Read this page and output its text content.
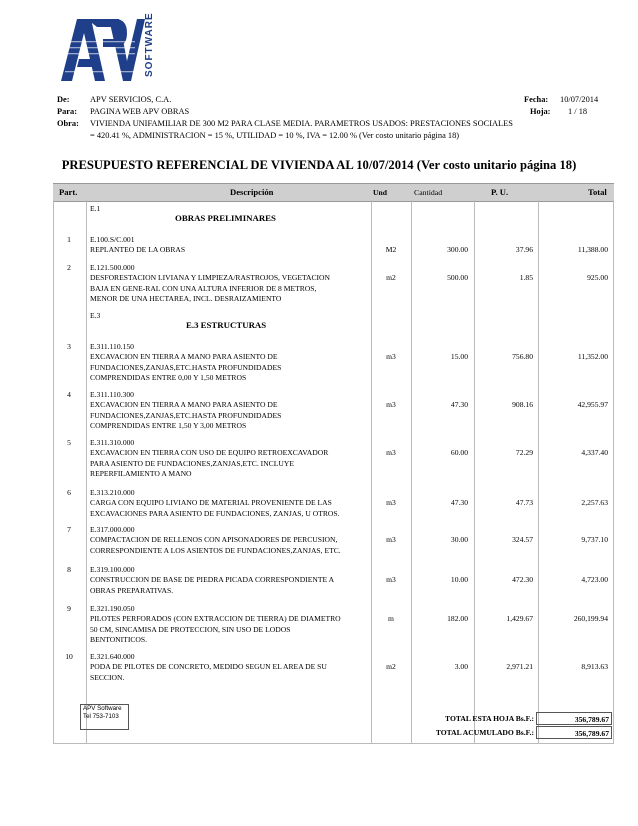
SOFTWARE
De: APV SERVICIOS, C.A.
Para: PAGINA WEB APV OBRAS
Obra: VIVIENDA UNIFAMILIAR DE 300 M2 PARA CLASE MEDIA. PARAMETROS USADOS: PRESTACIONES SOCIALES = 420.41 %, ADMINISTRACION = 15 %, UTILIDAD = 10 %, IVA = 12.00 % (Ver costo unitario página 18)
Fecha: 10/07/2014
Hoja: 1 / 18
PRESUPUESTO REFERENCIAL DE VIVIENDA AL 10/07/2014 (Ver costo unitario página 18)
Part.	Descripción	Und	Cantidad	P. U.	Total
E.1
OBRAS PRELIMINARES
1	E.100.S/C.001
REPLANTEO DE LA OBRAS	M2	300.00	37.96	11,388.00
2	E.121.500.000
DESFORESTACION LIVIANA Y LIMPIEZA/RASTROJOS, VEGETACION
BAJA EN GENE-RAL CON UNA ALTURA INFERIOR DE 8 METROS,
MENOR DE UNA HECTAREA, INCL. DESRAIZAMIENTO
m2	500.00	1.85	925.00
E.3
E.3 ESTRUCTURAS
3	E.311.110.150
EXCAVACION EN TIERRA A MANO PARA ASIENTO DE
FUNDACIONES,ZANJAS,ETC.HASTA PROFUNDIDADES
COMPRENDIDAS ENTRE 0,00 Y 1,50 METROS
m3	15.00	756.80	11,352.00
4	E.311.110.300
EXCAVACION EN TIERRA A MANO PARA ASIENTO DE
FUNDACIONES,ZANJAS,ETC.HASTA PROFUNDIDADES
COMPRENDIDAS ENTRE 1,50 Y 3,00 METROS
m3	47.30	908.16	42,955.97
5	E.311.310.000
EXCAVACION EN TIERRA CON USO DE EQUIPO RETROEXCAVADOR
PARA ASIENTO DE FUNDACIONES,ZANJAS,ETC. INCLUYE
REPERFILAMIENTO A MANO
m3	60.00	72.29	4,337.40
6	E.313.210.000
CARGA CON EQUIPO LIVIANO DE MATERIAL PROVENIENTE DE LAS
EXCAVACIONES PARA ASIENTO DE FUNDACIONES, ZANJAS, U OTROS.
m3	47.30	47.73	2,257.63
7	E.317.000.000
COMPACTACION DE RELLENOS CON APISONADORES DE PERCUSION,
CORRESPONDIENTE A LOS ASIENTOS DE FUNDACIONES,ZANJAS, ETC.
m3	30.00	324.57	9,737.10
8	E.319.100.000
CONSTRUCCION DE BASE DE PIEDRA PICADA CORRESPONDIENTE A
OBRAS PREPARATIVAS.
m3	10.00	472.30	4,723.00
9	E.321.190.050
PILOTES PERFORADOS (CON EXTRACCION DE TIERRA) DE DIAMETRO
50 CM, SINCAMISA DE PROTECCION, SIN USO DE LODOS
BENTONITICOS.
m	182.00	1,429.67	260,199.94
10	E.321.640.000
PODA DE PILOTES DE CONCRETO, MEDIDO SEGUN EL AREA DE SU
SECCION.
m2	3.00	2,971.21	8,913.63
APV Software
Tel 753-7103	TOTAL ESTA HOJA Bs.F.:	356,789.67
TOTAL ACUMULADO Bs.F.:	356,789.67
